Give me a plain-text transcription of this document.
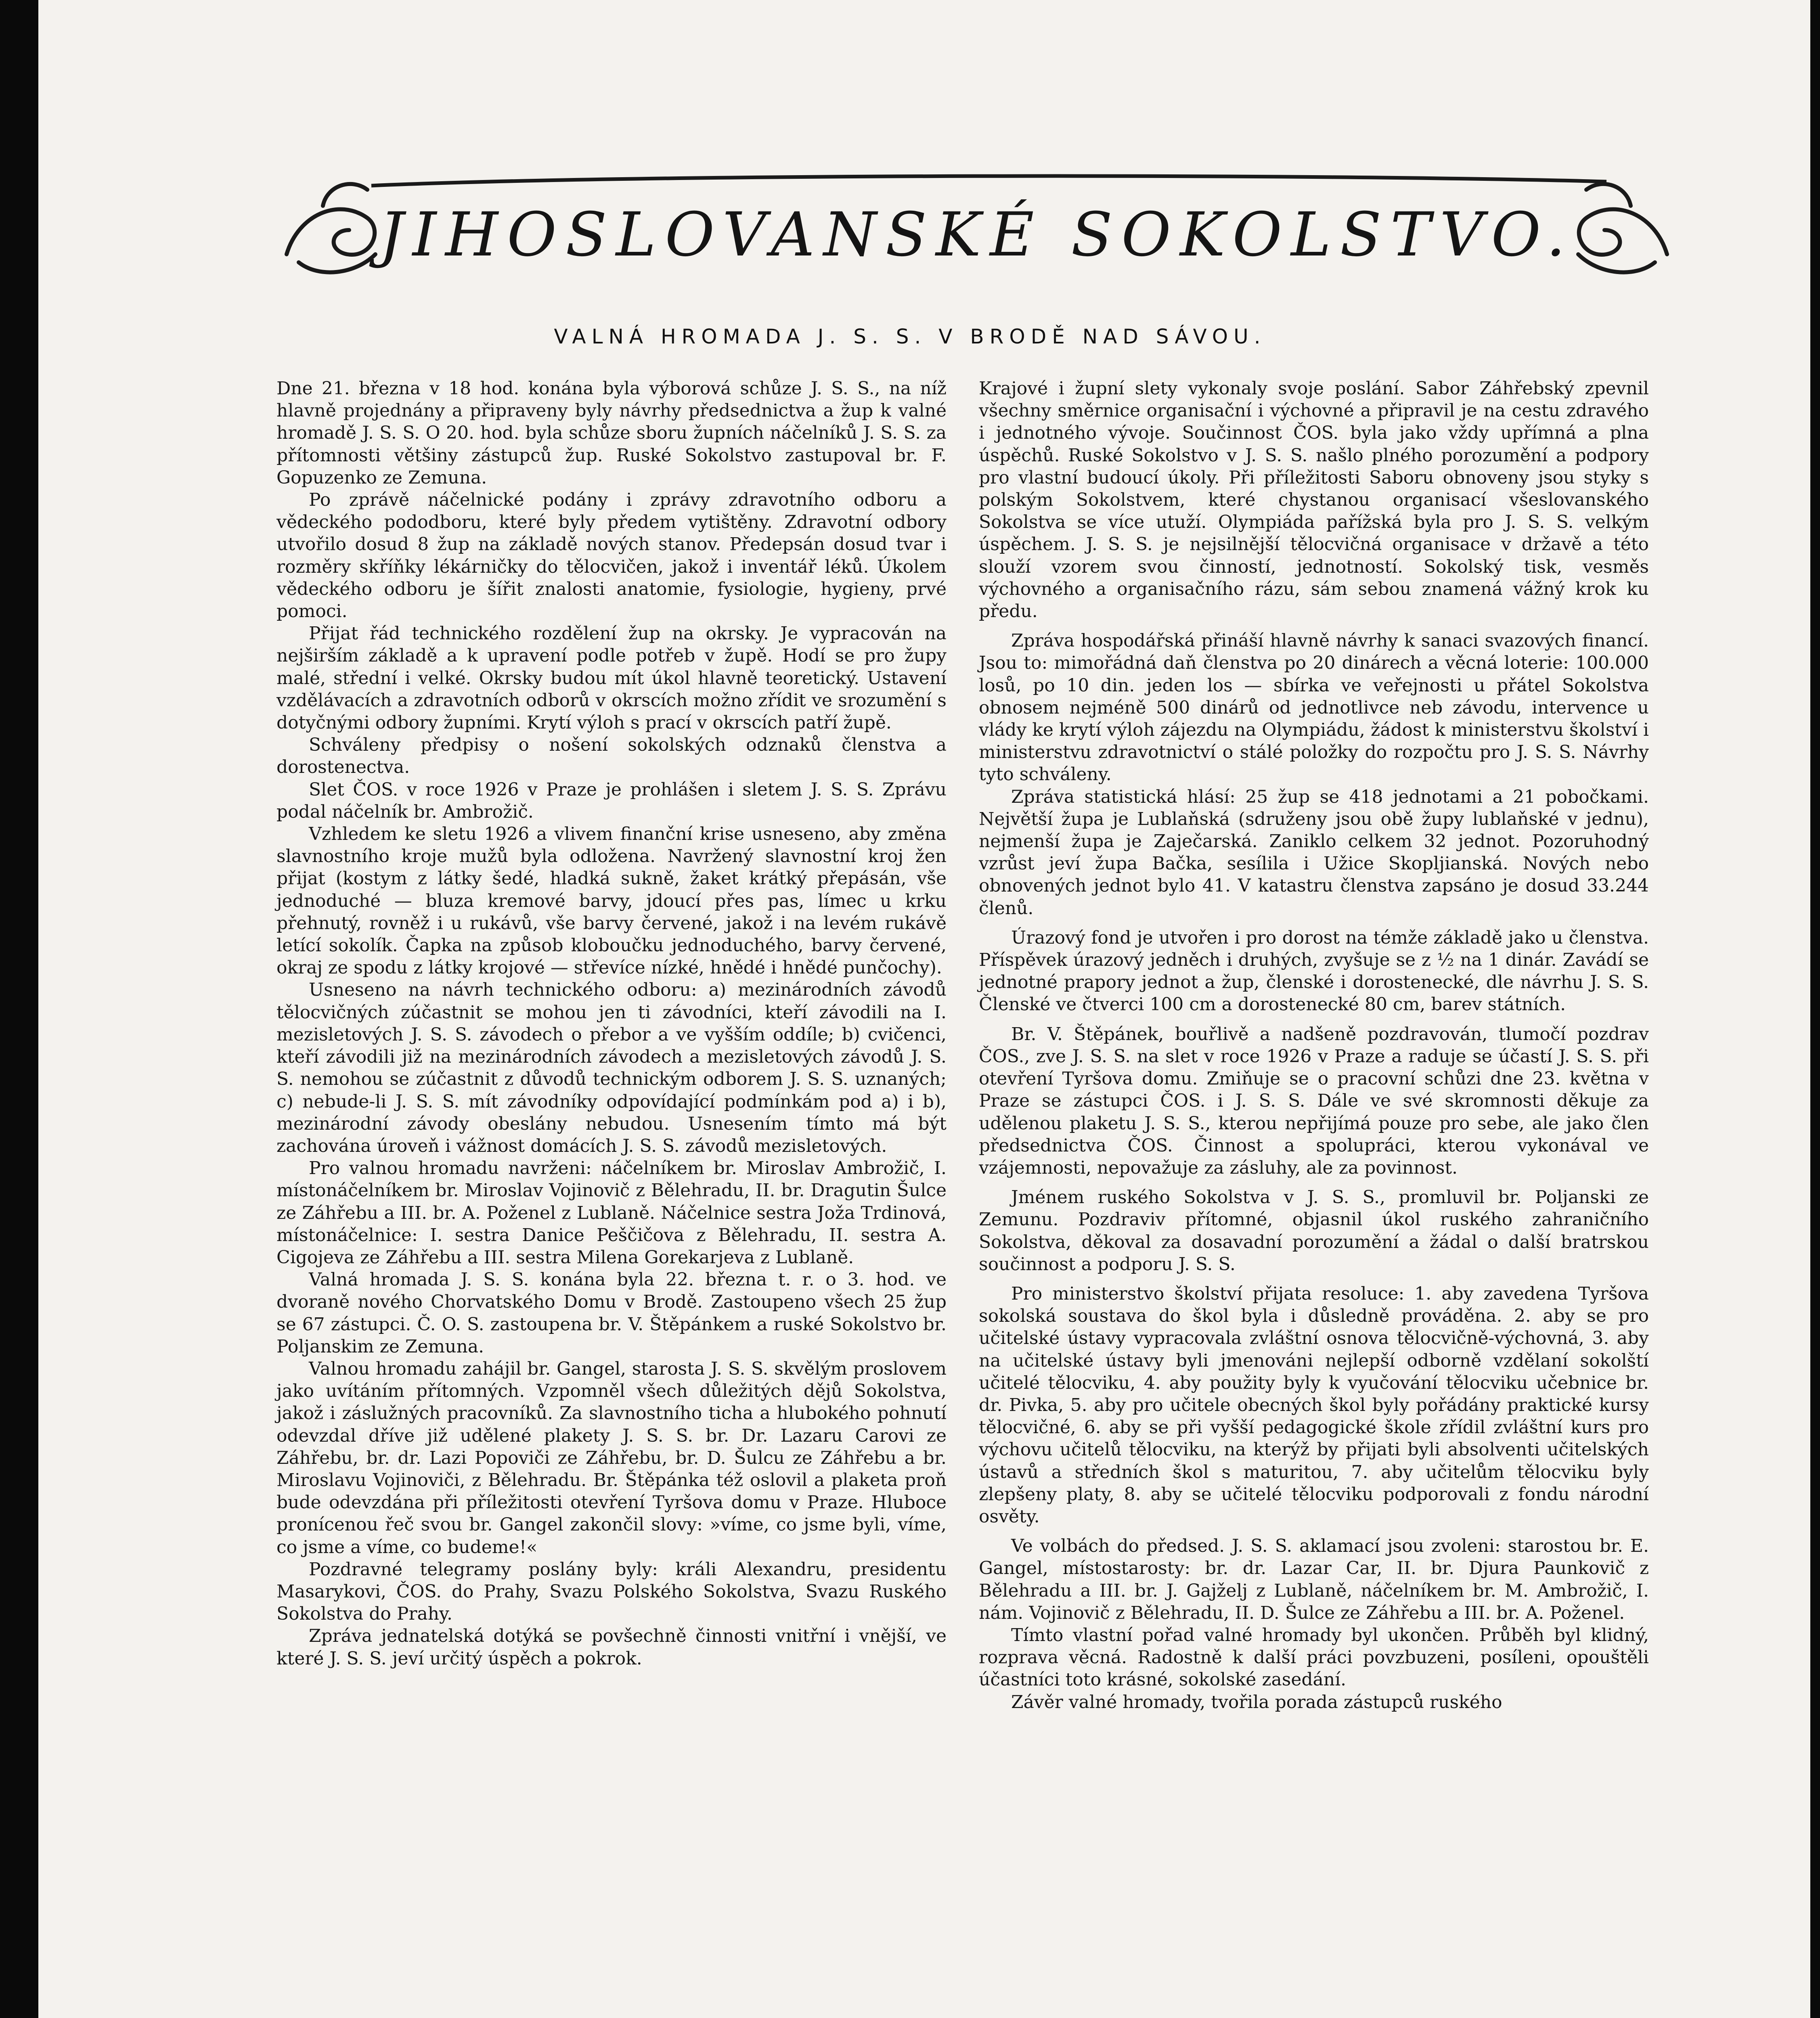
JIHOSLOVANSKÉ SOKOLSTVO.
VALNÁ HROMADA J. S. S. V BRODĚ NAD SÁVOU.

Dne 21. března v 18 hod. konána byla výborová schůze J. S. S., na níž hlavně projednány a připraveny byly návrhy předsednictva a žup k valné hromadě J. S. S. O 20. hod. byla schůze sboru župních náčelníků J. S. S. za přítomnosti většiny zástupců žup. Ruské Sokolstvo zastupoval br. F. Gopuzenko ze Zemuna.

Po zprávě náčelnické podány i zprávy zdravotního odboru a vědeckého pododboru, které byly předem vytištěny. Zdravotní odbory utvořilo dosud 8 žup na základě nových stanov. Předepsán dosud tvar i rozměry skříňky lékárničky do tělocvičen, jakož i inventář léků. Úkolem vědeckého odboru je šířit znalosti anatomie, fysiologie, hygieny, prvé pomoci.

Přijat řád technického rozdělení žup na okrsky. Je vypracován na nejširším základě a k upravení podle potřeb v župě. Hodí se pro župy malé, střední i velké. Okrsky budou mít úkol hlavně teoretický. Ustavení vzdělávacích a zdravotních odborů v okrscích možno zřídit ve srozumění s dotyčnými odbory župními. Krytí výloh s prací v okrscích patří župě.

Schváleny předpisy o nošení sokolských odznaků členstva a dorostenectva.

Slet ČOS. v roce 1926 v Praze je prohlášen i sletem J. S. S. Zprávu podal náčelník br. Ambrožič.

Vzhledem ke sletu 1926 a vlivem finanční krise usneseno, aby změna slavnostního kroje mužů byla odložena. Navržený slavnostní kroj žen přijat (kostym z látky šedé, hladká sukně, žaket krátký přepásán, vše jednoduché — bluza kremové barvy, jdoucí přes pas, límec u krku přehnutý, rovněž i u rukávů, vše barvy červené, jakož i na levém rukávě letící sokolík. Čapka na způsob kloboučku jednoduchého, barvy červené, okraj ze spodu z látky krojové — střevíce nízké, hnědé i hnědé punčochy).

Usneseno na návrh technického odboru: a) mezinárodních závodů tělocvičných zúčastnit se mohou jen ti závodníci, kteří závodili na I. mezisletových J. S. S. závodech o přebor a ve vyšším oddíle; b) cvičenci, kteří závodili již na mezinárodních závodech a mezisletových závodů J. S. S. nemohou se zúčastnit z důvodů technickým odborem J. S. S. uznaných; c) nebude-li J. S. S. mít závodníky odpovídající podmínkám pod a) i b), mezinárodní závody obeslány nebudou. Usnesením tímto má být zachována úroveň i vážnost domácích J. S. S. závodů mezisletových.

Pro valnou hromadu navrženi: náčelníkem br. Miroslav Ambrožič, I. místonáčelníkem br. Miroslav Vojinovič z Bělehradu, II. br. Dragutin Šulce ze Záhřebu a III. br. A. Poženel z Lublaně. Náčelnice sestra Joža Trdinová, místonáčelnice: I. sestra Danice Peščičova z Bělehradu, II. sestra A. Cigojeva ze Záhřebu a III. sestra Milena Gorekarjeva z Lublaně.

Valná hromada J. S. S. konána byla 22. března t. r. o 3. hod. ve dvoraně nového Chorvatského Domu v Brodě. Zastoupeno všech 25 žup se 67 zástupci. Č. O. S. zastoupena br. V. Štěpánkem a ruské Sokolstvo br. Poljanskim ze Zemuna.

Valnou hromadu zahájil br. Gangel, starosta J. S. S. skvělým proslovem jako uvítáním přítomných. Vzpomněl všech důležitých dějů Sokolstva, jakož i záslužných pracovníků. Za slavnostního ticha a hlubokého pohnutí odevzdal dříve již udělené plakety J. S. S. br. Dr. Lazaru Carovi ze Záhřebu, br. dr. Lazi Popoviči ze Záhřebu, br. D. Šulcu ze Záhřebu a br. Miroslavu Vojinoviči, z Bělehradu. Br. Štěpánka též oslovil a plaketa proň bude odevzdána při příležitosti otevření Tyršova domu v Praze. Hluboce pronícenou řeč svou br. Gangel zakončil slovy: »víme, co jsme byli, víme, co jsme a víme, co budeme!«

Pozdravné telegramy poslány byly: králi Alexandru, presidentu Masarykovi, ČOS. do Prahy, Svazu Polského Sokolstva, Svazu Ruského Sokolstva do Prahy.

Zpráva jednatelská dotýká se povšechně činnosti vnitřní i vnější, ve které J. S. S. jeví určitý úspěch a pokrok.

Krajové i župní slety vykonaly svoje poslání. Sabor Záhřebský zpevnil všechny směrnice organisační i výchovné a připravil je na cestu zdravého i jednotného vývoje. Součinnost ČOS. byla jako vždy upřímná a plna úspěchů. Ruské Sokolstvo v J. S. S. našlo plného porozumění a podpory pro vlastní budoucí úkoly. Při příležitosti Saboru obnoveny jsou styky s polským Sokolstvem, které chystanou organisací všeslovanského Sokolstva se více utuží. Olympiáda pařížská byla pro J. S. S. velkým úspěchem. J. S. S. je nejsilnější tělocvičná organisace v državě a této slouží vzorem svou činností, jednotností. Sokolský tisk, vesměs výchovného a organisačního rázu, sám sebou znamená vážný krok ku předu.

Zpráva hospodářská přináší hlavně návrhy k sanaci svazových financí. Jsou to: mimořádná daň členstva po 20 dinárech a věcná loterie: 100.000 losů, po 10 din. jeden los — sbírka ve veřejnosti u přátel Sokolstva obnosem nejméně 500 dinárů od jednotlivce neb závodu, intervence u vlády ke krytí výloh zájezdu na Olympiádu, žádost k ministerstvu školství i ministerstvu zdravotnictví o stálé položky do rozpočtu pro J. S. S. Návrhy tyto schváleny.

Zpráva statistická hlásí: 25 žup se 418 jednotami a 21 pobočkami. Největší župa je Lublaňská (sdruženy jsou obě župy lublaňské v jednu), nejmenší župa je Zaječarská. Zaniklo celkem 32 jednot. Pozoruhodný vzrůst jeví župa Bačka, sesílila i Užice Skopljianská. Nových nebo obnovených jednot bylo 41. V katastru členstva zapsáno je dosud 33.244 členů.

Úrazový fond je utvořen i pro dorost na témže základě jako u členstva. Příspěvek úrazový jedněch i druhých, zvyšuje se z ½ na 1 dinár. Zavádí se jednotné prapory jednot a žup, členské i dorostenecké, dle návrhu J. S. S. Členské ve čtverci 100 cm a dorostenecké 80 cm, barev státních.

Br. V. Štěpánek, bouřlivě a nadšeně pozdravován, tlumočí pozdrav ČOS., zve J. S. S. na slet v roce 1926 v Praze a raduje se účastí J. S. S. při otevření Tyršova domu. Zmiňuje se o pracovní schůzi dne 23. května v Praze se zástupci ČOS. i J. S. S. Dále ve své skromnosti děkuje za udělenou plaketu J. S. S., kterou nepřijímá pouze pro sebe, ale jako člen předsednictva ČOS. Činnost a spolupráci, kterou vykonával ve vzájemnosti, nepovažuje za zásluhy, ale za povinnost.

Jménem ruského Sokolstva v J. S. S., promluvil br. Poljanski ze Zemunu. Pozdraviv přítomné, objasnil úkol ruského zahraničního Sokolstva, děkoval za dosavadní porozumění a žádal o další bratrskou součinnost a podporu J. S. S.

Pro ministerstvo školství přijata resoluce: 1. aby zavedena Tyršova sokolská soustava do škol byla i důsledně prováděna. 2. aby se pro učitelské ústavy vypracovala zvláštní osnova tělocvičně-výchovná, 3. aby na učitelské ústavy byli jmenováni nejlepší odborně vzdělaní sokolští učitelé tělocviku, 4. aby použity byly k vyučování tělocviku učebnice br. dr. Pivka, 5. aby pro učitele obecných škol byly pořádány praktické kursy tělocvičné, 6. aby se při vyšší pedagogické škole zřídil zvláštní kurs pro výchovu učitelů tělocviku, na kterýž by přijati byli absolventi učitelských ústavů a středních škol s maturitou, 7. aby učitelům tělocviku byly zlepšeny platy, 8. aby se učitelé tělocviku podporovali z fondu národní osvěty.

Ve volbách do předsed. J. S. S. aklamací jsou zvoleni: starostou br. E. Gangel, místostarosty: br. dr. Lazar Car, II. br. Djura Paunkovič z Bělehradu a III. br. J. Gajželj z Lublaně, náčelníkem br. M. Ambrožič, I. nám. Vojinovič z Bělehradu, II. D. Šulce ze Záhřebu a III. br. A. Poženel.

Tímto vlastní pořad valné hromady byl ukončen. Průběh byl klidný, rozprava věcná. Radostně k další práci povzbuzeni, posíleni, opouštěli účastníci toto krásné, sokolské zasedání.

Závěr valné hromady, tvořila porada zástupců ruského
